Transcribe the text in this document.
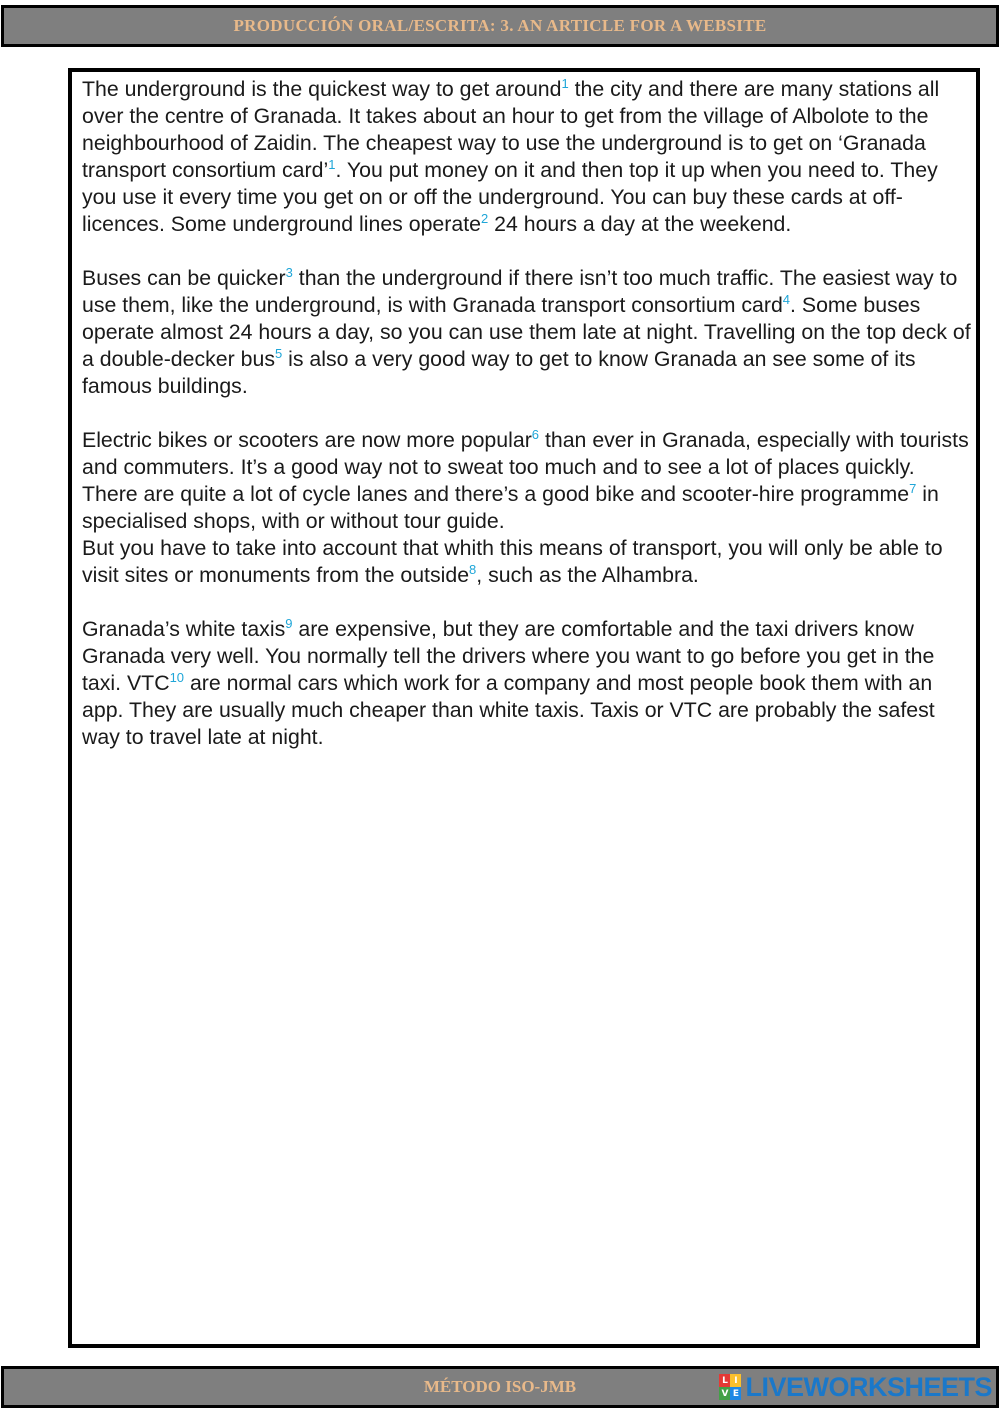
PRODUCCIÓN ORAL/ESCRITA: 3. AN ARTICLE FOR A WEBSITE

The underground is the quickest way to get around$^1$ the city and there are many stations all over the centre of Granada. It takes about an hour to get from the village of Albolote to the neighbourhood of Zaidin. The cheapest way to use the underground is to get on ‘Granada transport consortium card’$^1$. You put money on it and then top it up when you need to. They you use it every time you get on or off the underground. You can buy these cards at off-licences. Some underground lines operate$^2$ 24 hours a day at the weekend.

Buses can be quicker$^3$ than the underground if there isn’t too much traffic. The easiest way to use them, like the underground, is with Granada transport consortium card$^4$. Some buses operate almost 24 hours a day, so you can use them late at night. Travelling on the top deck of a double-decker bus$^5$ is also a very good way to get to know Granada an see some of its famous buildings.

Electric bikes or scooters are now more popular$^6$ than ever in Granada, especially with tourists and commuters. It’s a good way not to sweat too much and to see a lot of places quickly. There are quite a lot of cycle lanes and there’s a good bike and scooter-hire programme$^7$ in specialised shops, with or without tour guide.

But you have to take into account that whith this means of transport, you will only be able to visit sites or monuments from the outside$^8$, such as the Alhambra.

Granada’s white taxis$^9$ are expensive, but they are comfortable and the taxi drivers know Granada very well. You normally tell the drivers where you want to go before you get in the taxi. VTC$^{10}$ are normal cars which work for a company and most people book them with an app. They are usually much cheaper than white taxis. Taxis or VTC are probably the safest way to travel late at night.

MÉTODO ISO-JMB	L I
V E LIVEWORKSHEETS
